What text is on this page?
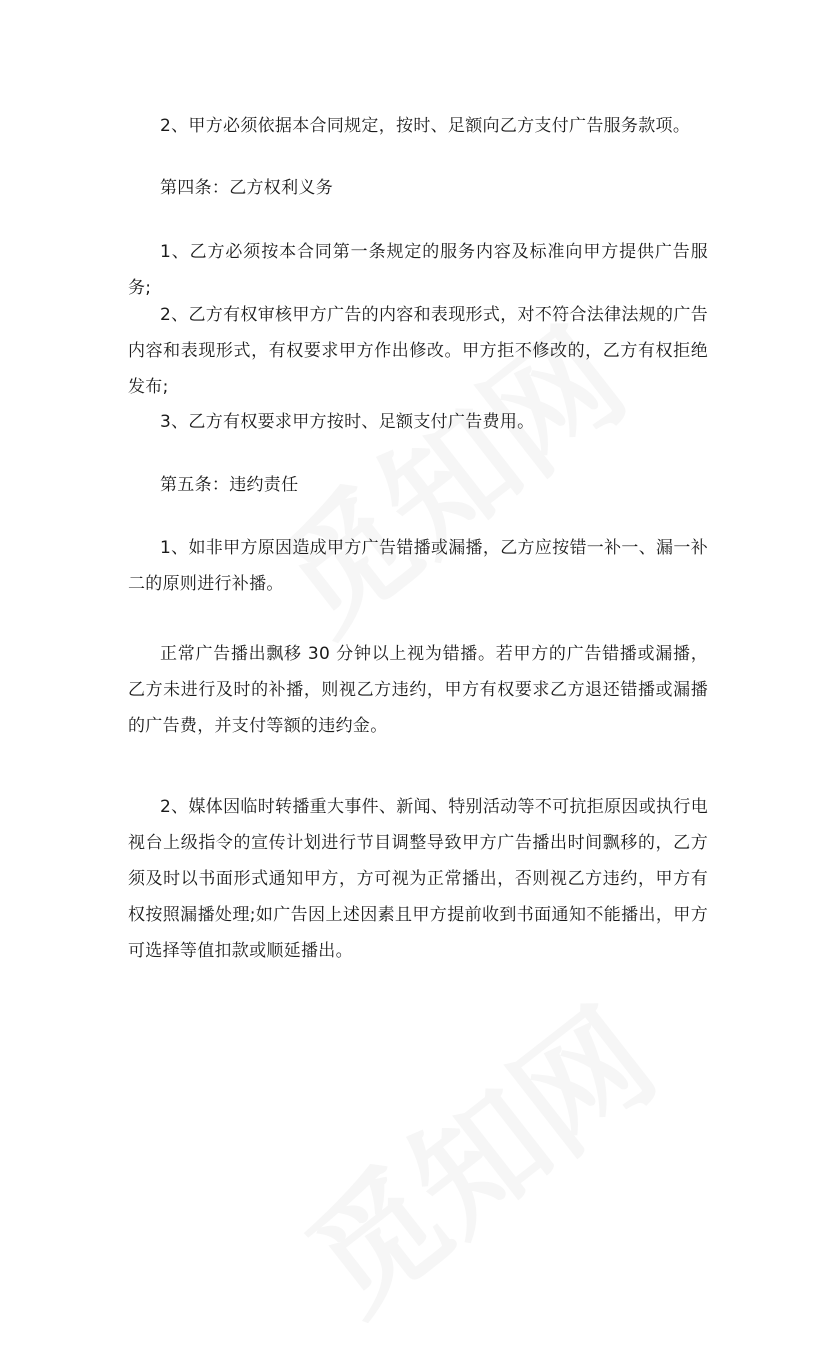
2、甲方必须依据本合同规定，按时、足额向乙方支付广告服务款项。

第四条：乙方权利义务

1、乙方必须按本合同第一条规定的服务内容及标准向甲方提供广告服务;

2、乙方有权审核甲方广告的内容和表现形式，对不符合法律法规的广告内容和表现形式，有权要求甲方作出修改。甲方拒不修改的，乙方有权拒绝发布;

3、乙方有权要求甲方按时、足额支付广告费用。

第五条：违约责任

1、如非甲方原因造成甲方广告错播或漏播，乙方应按错一补一、漏一补二的原则进行补播。

正常广告播出飘移 30 分钟以上视为错播。若甲方的广告错播或漏播，乙方未进行及时的补播，则视乙方违约，甲方有权要求乙方退还错播或漏播的广告费，并支付等额的违约金。

2、媒体因临时转播重大事件、新闻、特别活动等不可抗拒原因或执行电视台上级指令的宣传计划进行节目调整导致甲方广告播出时间飘移的，乙方须及时以书面形式通知甲方，方可视为正常播出，否则视乙方违约，甲方有权按照漏播处理;如广告因上述因素且甲方提前收到书面通知不能播出，甲方可选择等值扣款或顺延播出。
